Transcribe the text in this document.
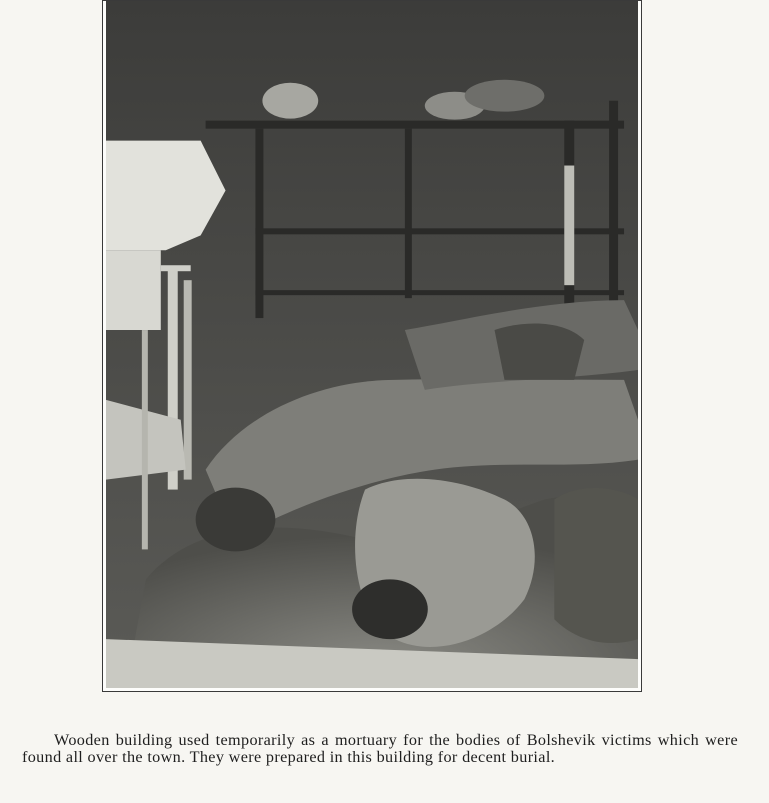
Wooden building used temporarily as a mortuary for the bodies of Bolshevik victims which were found all over the town. They were prepared in this building for decent burial.
